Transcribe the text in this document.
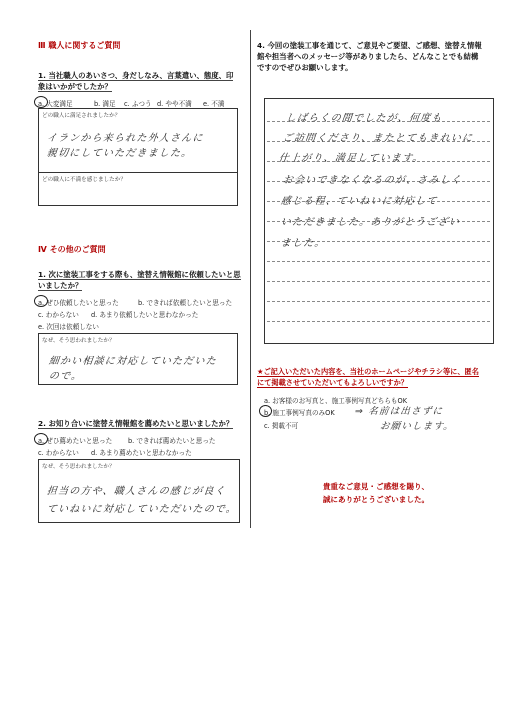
Ⅲ 職人に関するご質問
1. 当社職人のあいさつ、身だしなみ、言葉遣い、態度、印象はいかがでしたか？
a. 大変満足	b. 満足 c. ふつう d. やや不満 e. 不満
どの職人に満足されましたか？
イランから来られた外人さんに
親切にしていただきました。
どの職人に不満を感じましたか？
Ⅳ その他のご質問
1. 次に塗装工事をする際も、塗替え情報館に依頼したいと思いましたか？
a. ぜひ依頼したいと思った	b. できれば依頼したいと思った
c. わからない d. あまり依頼したいと思わなかった
e. 次回は依頼しない
なぜ、そう思われましたか？
細かい相談に対応していただいた
ので。
2. お知り合いに塗替え情報館を薦めたいと思いましたか？
a. ぜひ薦めたいと思った b. できれば薦めたいと思った
c. わからない d. あまり薦めたいと思わなかった
なぜ、そう思われましたか？
担当の方や、職人さんの感じが良く
ていねいに対応していただいたので。
4. 今回の塗装工事を通じて、ご意見やご要望、ご感想、塗替え情報館や担当者へのメッセージ等がありましたら、どんなことでも結構ですのでぜひお願いします。
しばらくの間でしたが、何度も
ご訪問くださり、またとてもきれいに
仕上がり、満足しています。
お会いできなくなるのが、さみしく
感じる程、ていねいに対応して
いただきました。ありがとうござい
ました。
★ご記入いただいた内容を、当社のホームページやチラシ等に、匿名にて掲載させていただいてもよろしいですか？
a. お客様のお写真と、施工事例写真どちらもOK
b. 施工事例写真のみOK
c. 掲載不可
⇒ 名前は出さずに
お願いします。
貴重なご意見・ご感想を賜り、
誠にありがとうございました。
